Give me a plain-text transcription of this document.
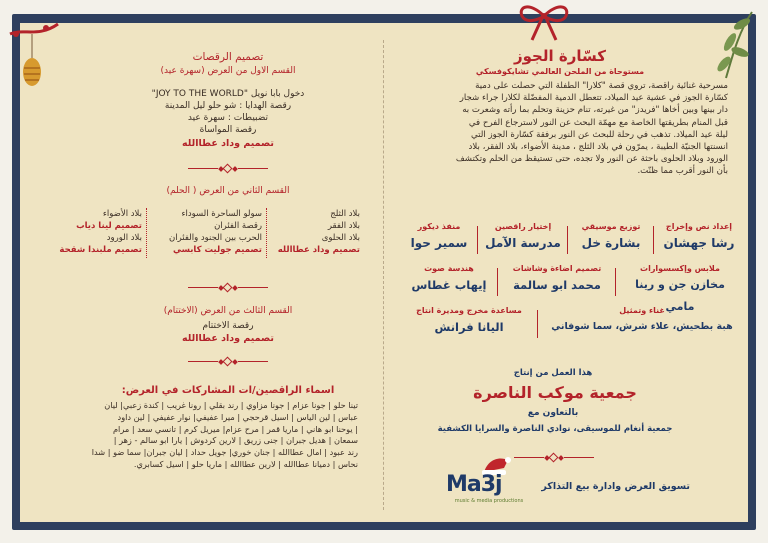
كسّارة الجوز
مستوحاة من الملحن العالمي تشايكوفسكي
مسرحية غنائية راقصة، تروي قصة "كلارا" الطفلة التي حصلت على دمية
كسّارة الجوز في عشية عيد الميلاد، تتعطل الدمية المفضّلة لكلارا جراء شجار
دار بينها وبين أخاها "فريدز" من غيرته، تنام حزينة وتحلم بما رأته وشعرت به
قبل المنام بطريقتها الخاصة مع مهمّة البحث عن النور لاسترجاع الفرح في
ليلة عيد الميلاد. تذهب في رحلة للبحث عن النور برفقة كسّارة الجوز التي
انسنتها الجنيّة الطيبة ، يمرّون في بلاد الثلج ، مدينة الأضواء، بلاد الفقر، بلاد
الورود وبلاد الحلوى باحثة عن النور ولا تجده، حتى تستيقظ من الحلم وتكتشف
بأن النور أقرب مما ظنّت.
إعداد نص وإخراج
رشا جهشان
توزيع موسيقي
بشارة خل
إختيار راقصين
مدرسة الآمل
منفذ ديكور
سمير حوا
ملابس وإكسسوارات
مخازن جن و رينا مامي
تصميم اضاءة وشاشات
محمد ابو سالمة
هندسة صوت
إيهاب غطاس
غناء وتمثيل
هبة بطحيش، علاء شرش، سما شوفاني
مساعدة مخرج ومديرة انتاج
اليانا فرانش
هذا العمل من إنتاج
جمعية موكب الناصرة
بالتعاون مع
جمعية أنغام للموسيقى، نوادي الناصرة والسرايا الكشفية
تسويق العرض وادارة بيع التذاكر
Ma3j
music & media productions
تصميم الرقصات
القسم الاول من العرض (سهرة عيد)
دخول بابا نويل "JOY TO THE WORLD"
رقصة الهدايا : شو حلو ليل المدينة
تضبيطات : سهرة عيد
رقصة المواساة
تصميم وداد عطاالله
القسم الثاني من العرض ( الحلم)
بلاد الثلج
بلاد الفقر
بلاد الحلوى
تصميم وداد عطاالله
سولو الساحرة السوداء
رقصة الفئران
الحرب بين الجنود والفئران
تصميم جوليت كابسي
بلاد الأضواء
تصميم لينا دياب
بلاد الورود
تصميم ملبندا شقحة
القسم الثالث من العرض (الاختتام)
رقصة الاختتام
تصميم وداد عطاالله
اسماء الراقصين/ات المشاركات في العرض:
تينا حلو | جونا عزام | جونا مزاوي | رند بقلي | رونا غريب | كندة زعبي| ليان
عباس | لين الياس | اسيل قرحجي | ميرا عفيفي| نوار عفيفي | لين داود
| يوحنا ابو هاني | ماريا قمر | مرح عزام| ميريل كرم | تانسي سعد | مرام
سمعان | هديل جبران | جنى زريق | لارين كردوش | يارا ابو سالم - زهر |
رند عبود | امال عطاالله | جنان خوري| جويل حداد | ليان جبران| سما ضو | شدا
نحاس | دميانا عطاالله | لارين عطاالله | ماريا حلو | اسيل كسابري.
